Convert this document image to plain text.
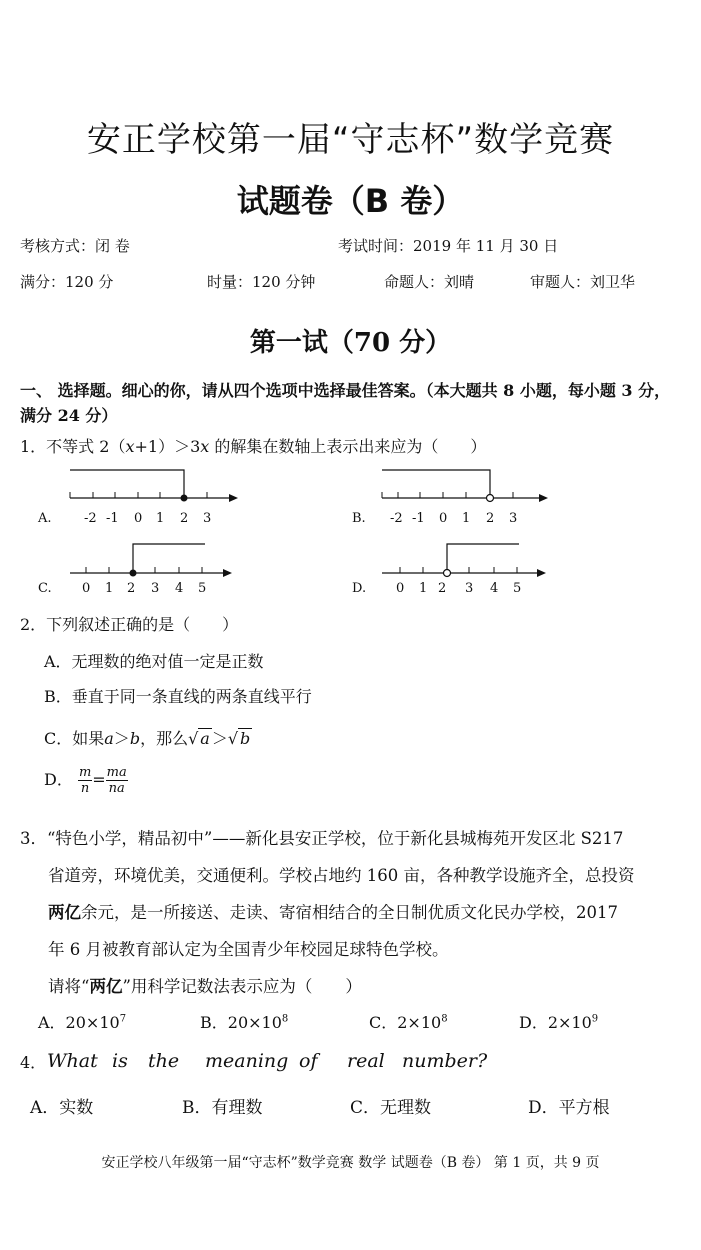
安正学校第一届“守志杯”数学竞赛
试题卷（B 卷）
考核方式：闭 卷	考试时间：2019 年 11 月 30 日
满分：120 分	时量：120 分钟	命题人：刘晴	审题人：刘卫华
第一试（70 分）
一、 选择题。细心的你，请从四个选项中选择最佳答案。（本大题共 8 小题，每小题 3 分，满分 24 分）
1．不等式 2（x+1）＞3x 的解集在数轴上表示出来应为（　　）
A. -2 -1 0 1 2 3	B. -2 -1 0 1 2 3
C. 0 1 2 3 4 5	D. 0 1 2 3 4 5
2．下列叙述正确的是（　　）
A．无理数的绝对值一定是正数
B．垂直于同一条直线的两条直线平行
C．如果a＞b，那么√ a ＞√ b
D． $\frac{m}{n} = \frac{ma}{na}$
3．“特色小学，精品初中”——新化县安正学校，位于新化县城梅苑开发区北 S217
省道旁，环境优美，交通便利。学校占地约 160 亩，各种教学设施齐全，总投资
两亿余元，是一所接送、走读、寄宿相结合的全日制优质文化民办学校，2017
年 6 月被教育部认定为全国青少年校园足球特色学校。
请将“两亿”用科学记数法表示应为（　　）
A．$20\times 10^7$	B．$20\times 10^8$	C．$2\times 10^8$	D．$2\times 10^9$
4． What is the meaning of real number?
A．实数	B．有理数	C．无理数	D．平方根
安正学校八年级第一届“守志杯”数学竞赛 数学 试题卷（B 卷） 第 1 页，共 9 页
